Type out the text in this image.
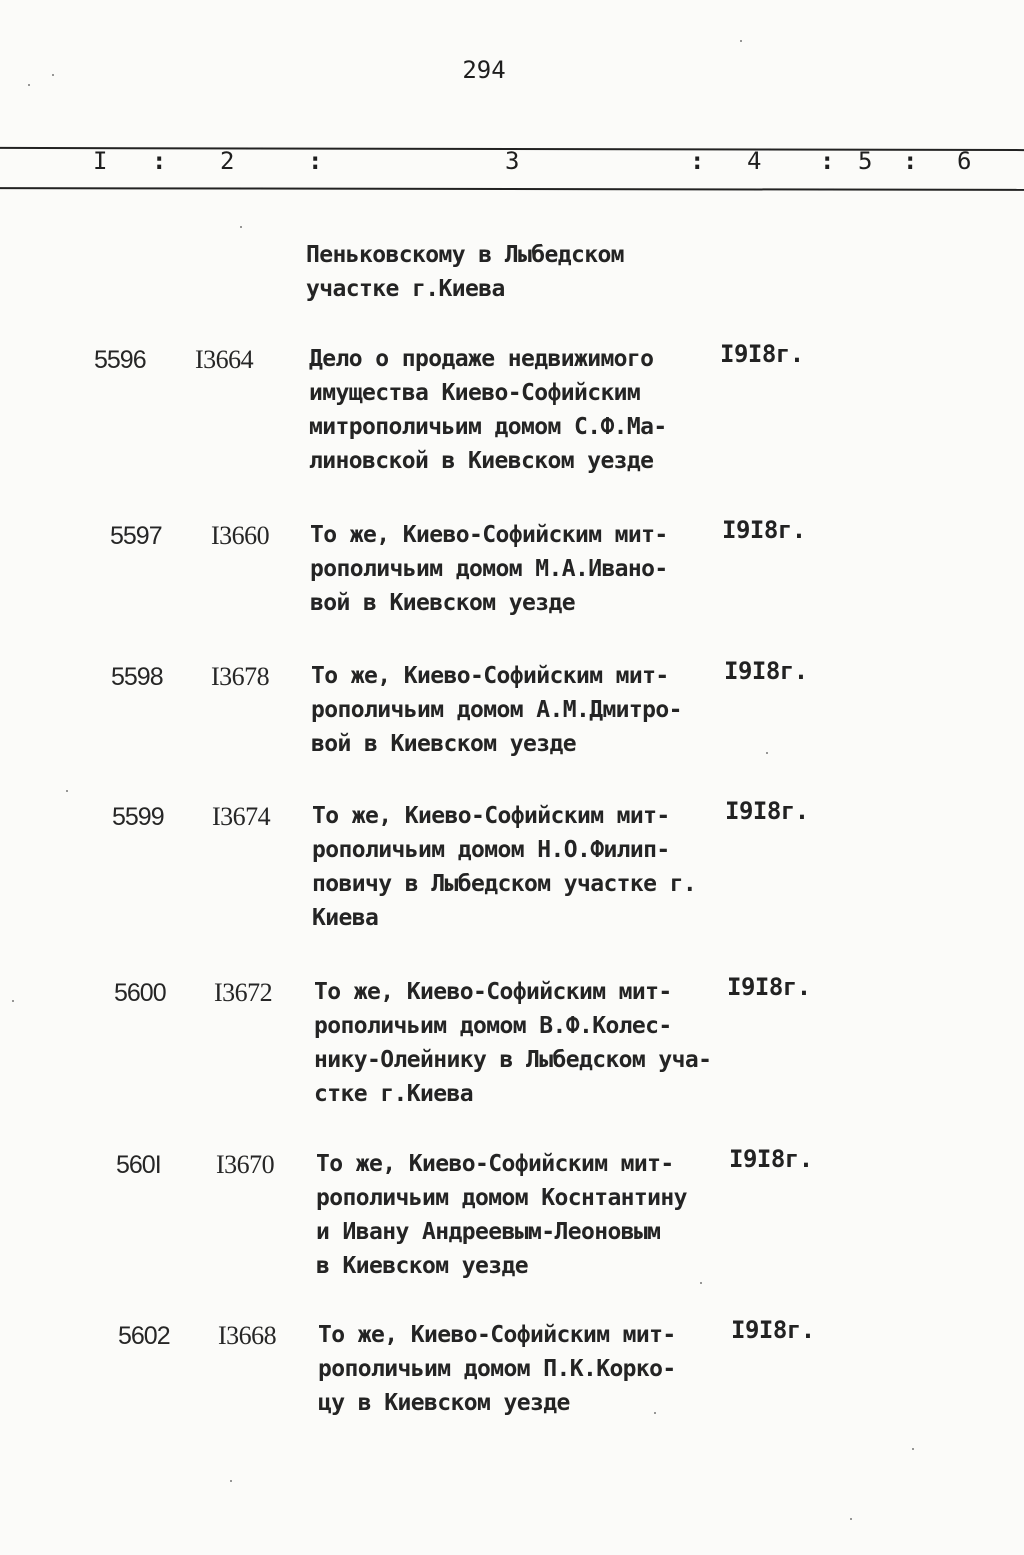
294
I : 2	:	3	: 4 : 5 : 6
Пеньковскому в Лыбедском
участке г.Киева
5596 I3664 Дело о продаже недвижимого
имущества Киево-Софийским
митрополичьим домом С.Ф.Ма-
линовской в Киевском уезде
I9I8г.
5597 I3660 То же, Киево-Софийским мит-
рополичьим домом М.А.Ивано-
вой в Киевском уезде
I9I8г.
5598 I3678 То же, Киево-Софийским мит-
рополичьим домом А.М.Дмитро-
вой в Киевском уезде
I9I8г.
5599 I3674 То же, Киево-Софийским мит-
рополичьим домом Н.О.Филип-
повичу в Лыбедском участке г.
Киева
I9I8г.
5600 I3672 То же, Киево-Софийским мит-
рополичьим домом В.Ф.Колес-
нику-Олейнику в Лыбедском уча-
стке г.Киева
I9I8г.
560I I3670 То же, Киево-Софийским мит-
рополичьим домом Коснтантину
и Ивану Андреевым-Леоновым
в Киевском уезде
I9I8г.
5602 I3668 То же, Киево-Софийским мит-
рополичьим домом П.К.Корко-
цу в Киевском уезде
I9I8г.
